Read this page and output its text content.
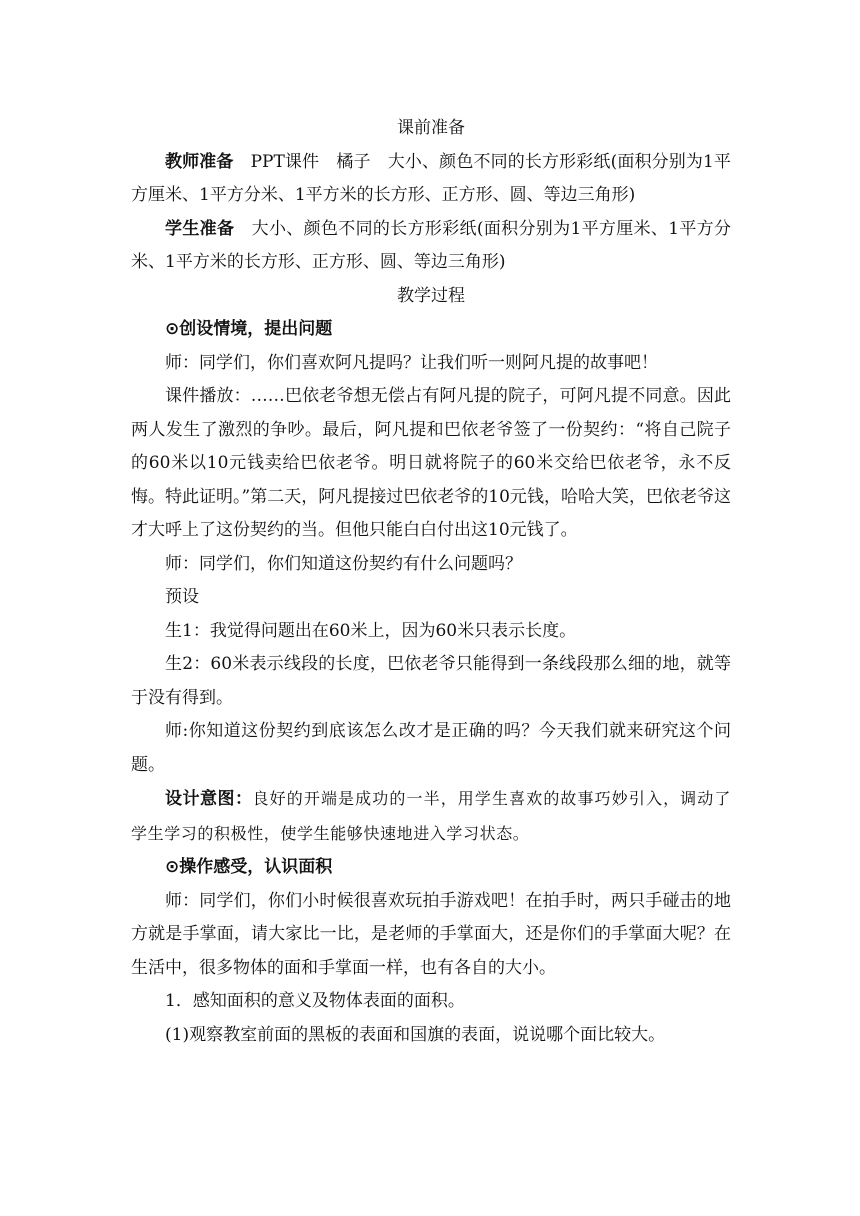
课前准备

教师准备 PPT课件　橘子　大小、颜色不同的长方形彩纸(面积分别为1平方厘米、1平方分米、1平方米的长方形、正方形、圆、等边三角形)

学生准备 大小、颜色不同的长方形彩纸(面积分别为1平方厘米、1平方分米、1平方米的长方形、正方形、圆、等边三角形)

教学过程

⊙创设情境，提出问题

师：同学们，你们喜欢阿凡提吗？让我们听一则阿凡提的故事吧！

课件播放：……巴依老爷想无偿占有阿凡提的院子，可阿凡提不同意。因此两人发生了激烈的争吵。最后，阿凡提和巴依老爷签了一份契约：“将自己院子的60米以10元钱卖给巴依老爷。明日就将院子的60米交给巴依老爷，永不反悔。特此证明。”第二天，阿凡提接过巴依老爷的10元钱，哈哈大笑，巴依老爷这才大呼上了这份契约的当。但他只能白白付出这10元钱了。

师：同学们，你们知道这份契约有什么问题吗？

预设

生1：我觉得问题出在60米上，因为60米只表示长度。

生2：60米表示线段的长度，巴依老爷只能得到一条线段那么细的地，就等于没有得到。

师:你知道这份契约到底该怎么改才是正确的吗？今天我们就来研究这个问题。

设计意图：良好的开端是成功的一半，用学生喜欢的故事巧妙引入，调动了学生学习的积极性，使学生能够快速地进入学习状态。

⊙操作感受，认识面积

师：同学们，你们小时候很喜欢玩拍手游戏吧！在拍手时，两只手碰击的地方就是手掌面，请大家比一比，是老师的手掌面大，还是你们的手掌面大呢？在生活中，很多物体的面和手掌面一样，也有各自的大小。

1．感知面积的意义及物体表面的面积。

(1)观察教室前面的黑板的表面和国旗的表面，说说哪个面比较大。
